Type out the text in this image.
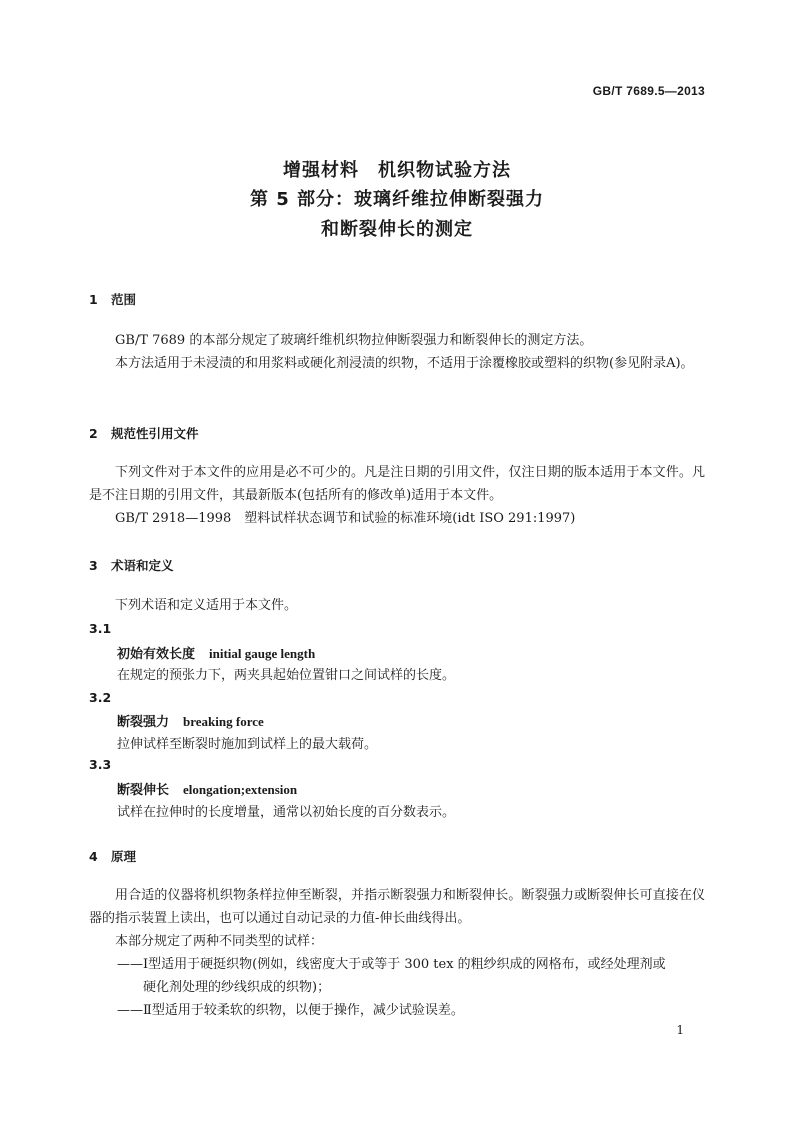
GB/T 7689.5—2013
增强材料　机织物试验方法
第 5 部分：玻璃纤维拉伸断裂强力
和断裂伸长的测定
1 范围
GB/T 7689 的本部分规定了玻璃纤维机织物拉伸断裂强力和断裂伸长的测定方法。
本方法适用于未浸渍的和用浆料或硬化剂浸渍的织物，不适用于涂覆橡胶或塑料的织物(参见附录A)。
2 规范性引用文件
下列文件对于本文件的应用是必不可少的。凡是注日期的引用文件，仅注日期的版本适用于本文件。凡是不注日期的引用文件，其最新版本(包括所有的修改单)适用于本文件。
GB/T 2918—1998　塑料试样状态调节和试验的标准环境(idt ISO 291:1997)
3 术语和定义
下列术语和定义适用于本文件。
3.1
初始有效长度 initial gauge length
在规定的预张力下，两夹具起始位置钳口之间试样的长度。
3.2
断裂强力 breaking force
拉伸试样至断裂时施加到试样上的最大载荷。
3.3
断裂伸长 elongation;extension
试样在拉伸时的长度增量，通常以初始长度的百分数表示。
4 原理
用合适的仪器将机织物条样拉伸至断裂，并指示断裂强力和断裂伸长。断裂强力或断裂伸长可直接在仪器的指示装置上读出，也可以通过自动记录的力值-伸长曲线得出。
本部分规定了两种不同类型的试样：
——Ⅰ型适用于硬挺织物(例如，线密度大于或等于 300 tex 的粗纱织成的网格布，或经处理剂或
硬化剂处理的纱线织成的织物)；
——Ⅱ型适用于较柔软的织物，以便于操作，减少试验误差。
1
